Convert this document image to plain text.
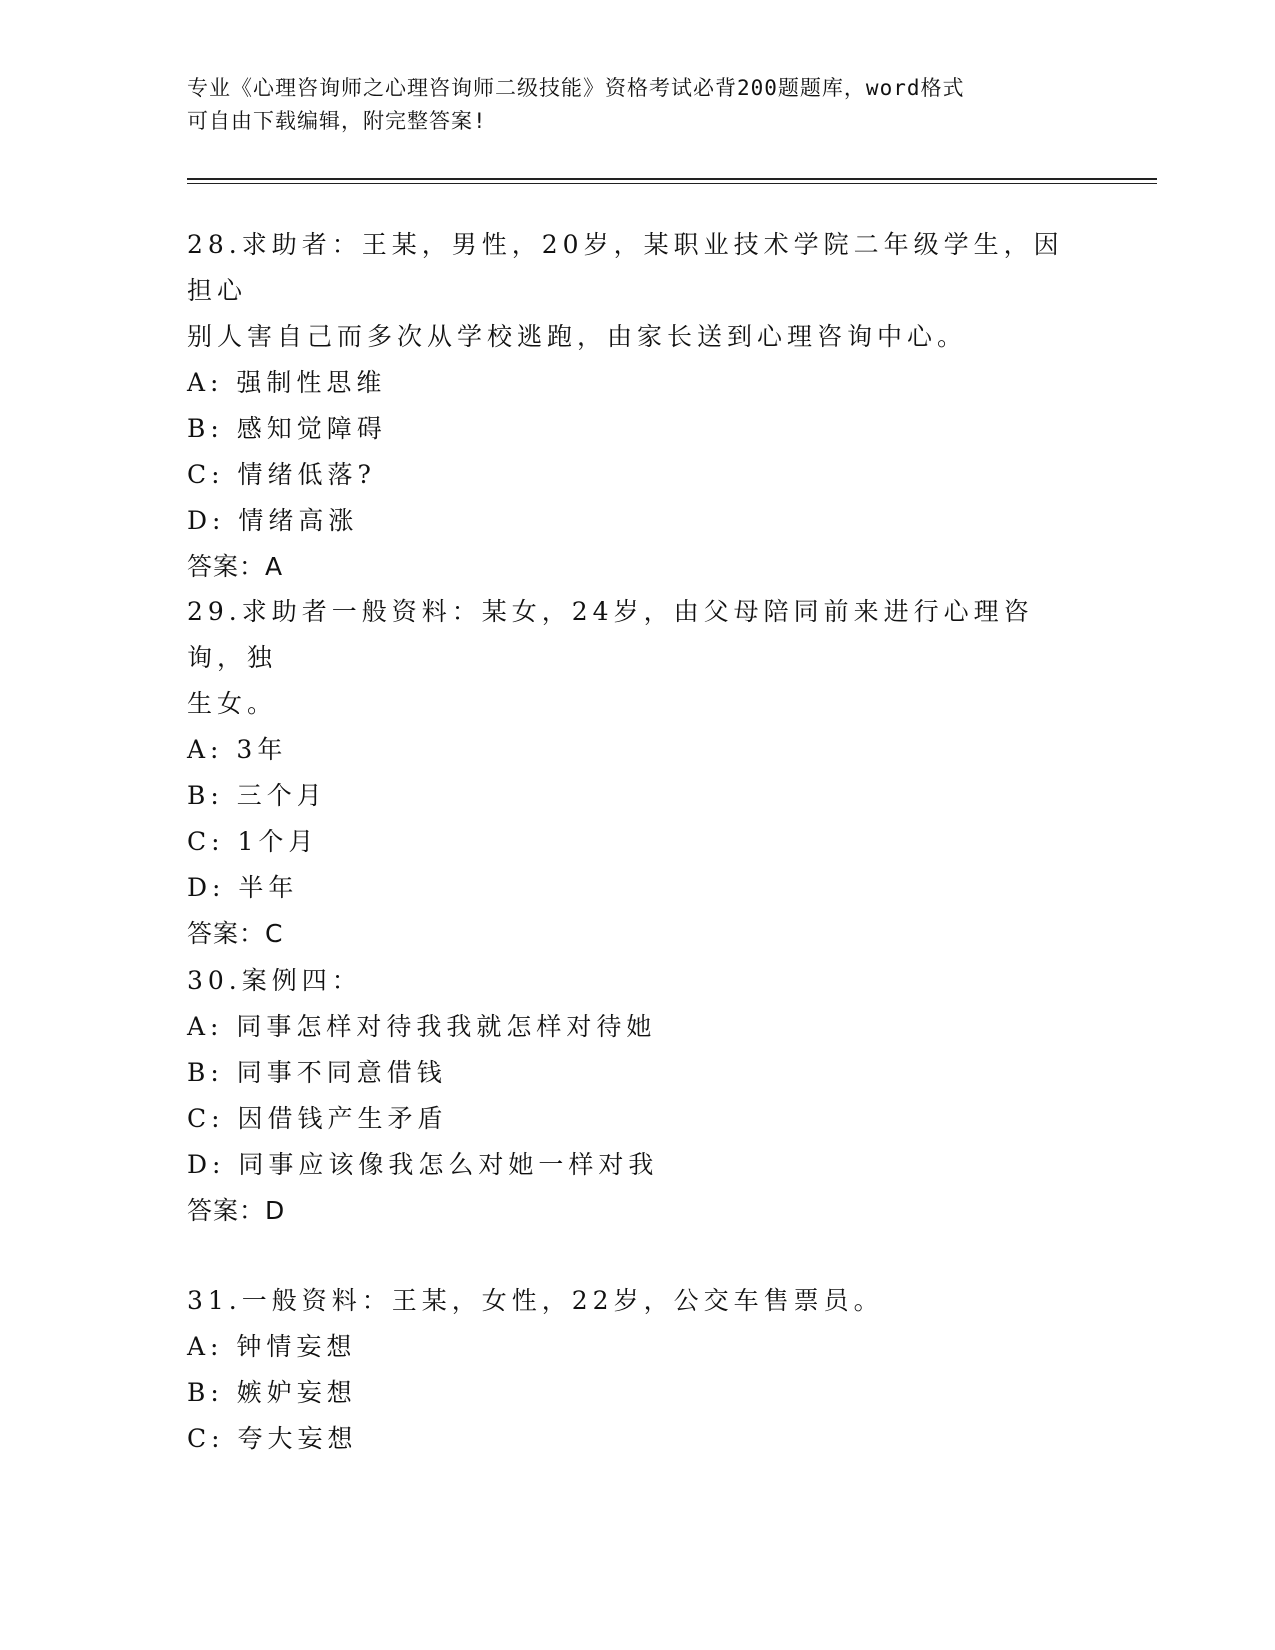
专业《心理咨询师之心理咨询师二级技能》资格考试必背200题题库，word格式
可自由下载编辑，附完整答案!
28.求助者：王某，男性，20岁，某职业技术学院二年级学生，因担心
别人害自己而多次从学校逃跑，由家长送到心理咨询中心。
A: 强制性思维
B: 感知觉障碍
C: 情绪低落?
D: 情绪高涨
答案：A
29.求助者一般资料：某女，24岁，由父母陪同前来进行心理咨询，独
生女。
A: 3年
B: 三个月
C: 1个月
D: 半年
答案：C
30.案例四：
A: 同事怎样对待我我就怎样对待她
B: 同事不同意借钱
C: 因借钱产生矛盾
D: 同事应该像我怎么对她一样对我
答案：D
31.一般资料：王某，女性，22岁，公交车售票员。
A: 钟情妄想
B: 嫉妒妄想
C: 夸大妄想
